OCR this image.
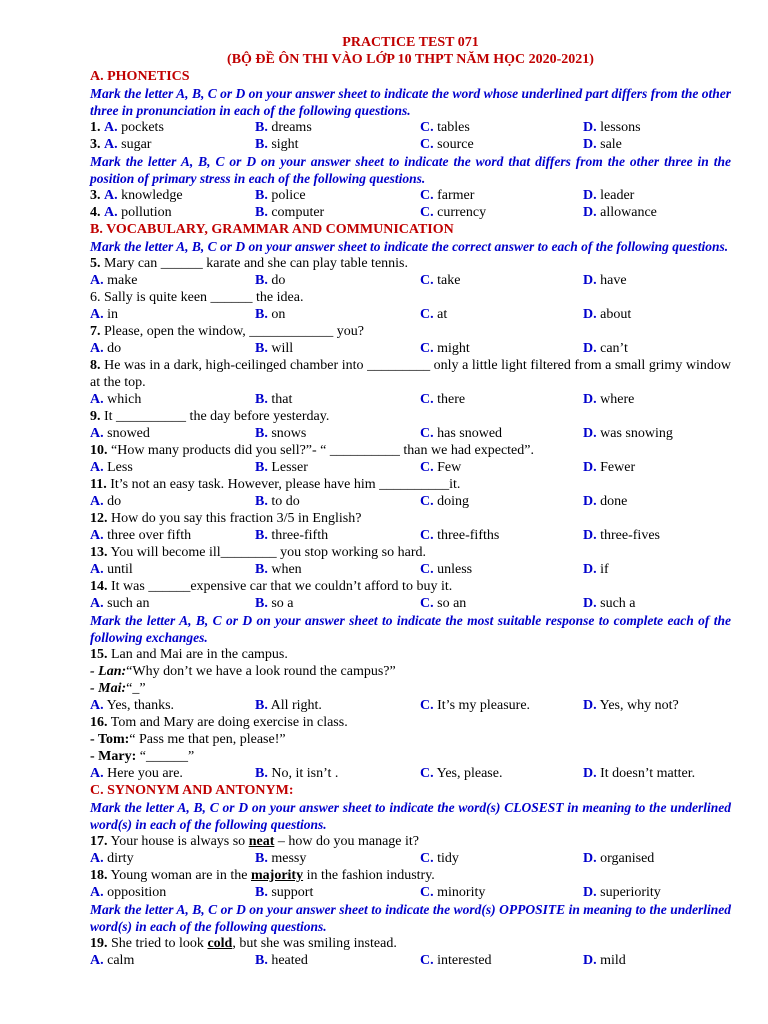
PRACTICE TEST 071
(BỘ ĐỀ ÔN THI VÀO LỚP 10 THPT NĂM HỌC 2020-2021)
A. PHONETICS
Mark the letter A, B, C or D on your answer sheet to indicate the word whose underlined part differs from the other three in pronunciation in each of the following questions.
1. A. pockets	B. dreams	C. tables	D. lessons
3. A. sugar	B. sight	C. source	D. sale
Mark the letter A, B, C or D on your answer sheet to indicate the word that differs from the other three in the position of primary stress in each of the following questions.
3. A. knowledge	B. police	C. farmer	D. leader
4. A. pollution	B. computer	C. currency	D. allowance
B. VOCABULARY, GRAMMAR AND COMMUNICATION
Mark the letter A, B, C or D on your answer sheet to indicate the correct answer to each of the following questions.
5. Mary can ______ karate and she can play table tennis.
A. make	B. do	C. take	D. have
6. Sally is quite keen ______ the idea.
A. in	B. on	C. at	D. about
7. Please, open the window, ____________ you?
A. do	B. will	C. might	D. can’t
8. He was in a dark, high-ceilinged chamber into _________ only a little light filtered from a small grimy window at the top.
A. which	B. that	C. there	D. where
9. It __________ the day before yesterday.
A. snowed	B. snows	C. has snowed	D. was snowing
10. “How many products did you sell?”- “ __________ than we had expected”.
A. Less	B. Lesser	C. Few	D. Fewer
11. It’s not an easy task. However, please have him __________it.
A. do	B. to do	C. doing	D. done
12. How do you say this fraction 3/5 in English?
A. three over fifth	B. three-fifth	C. three-fifths	D. three-fives
13. You will become ill________ you stop working so hard.
A. until	B. when	C. unless	D. if
14. It was ______expensive car that we couldn’t afford to buy it.
A. such an	B. so a	C. so an	D. such a
Mark the letter A, B, C or D on your answer sheet to indicate the most suitable response to complete each of the following exchanges.
15. Lan and Mai are in the campus.
- Lan:“Why don’t we have a look round the campus?”
- Mai:“_”
A. Yes, thanks.	B. All right.	C. It’s my pleasure.	D. Yes, why not?
16. Tom and Mary are doing exercise in class.
- Tom:“ Pass me that pen, please!”
- Mary: “______”
A. Here you are.	B. No, it isn’t .	C. Yes, please.	D. It doesn’t matter.
C. SYNONYM AND ANTONYM:
Mark the letter A, B, C or D on your answer sheet to indicate the word(s) CLOSEST in meaning to the underlined word(s) in each of the following questions.
17. Your house is always so neat – how do you manage it?
A. dirty	B. messy	C. tidy	D. organised
18. Young woman are in the majority in the fashion industry.
A. opposition	B. support	C. minority	D. superiority
Mark the letter A, B, C or D on your answer sheet to indicate the word(s) OPPOSITE in meaning to the underlined word(s) in each of the following questions.
19. She tried to look cold, but she was smiling instead.
A. calm	B. heated	C. interested	D. mild
